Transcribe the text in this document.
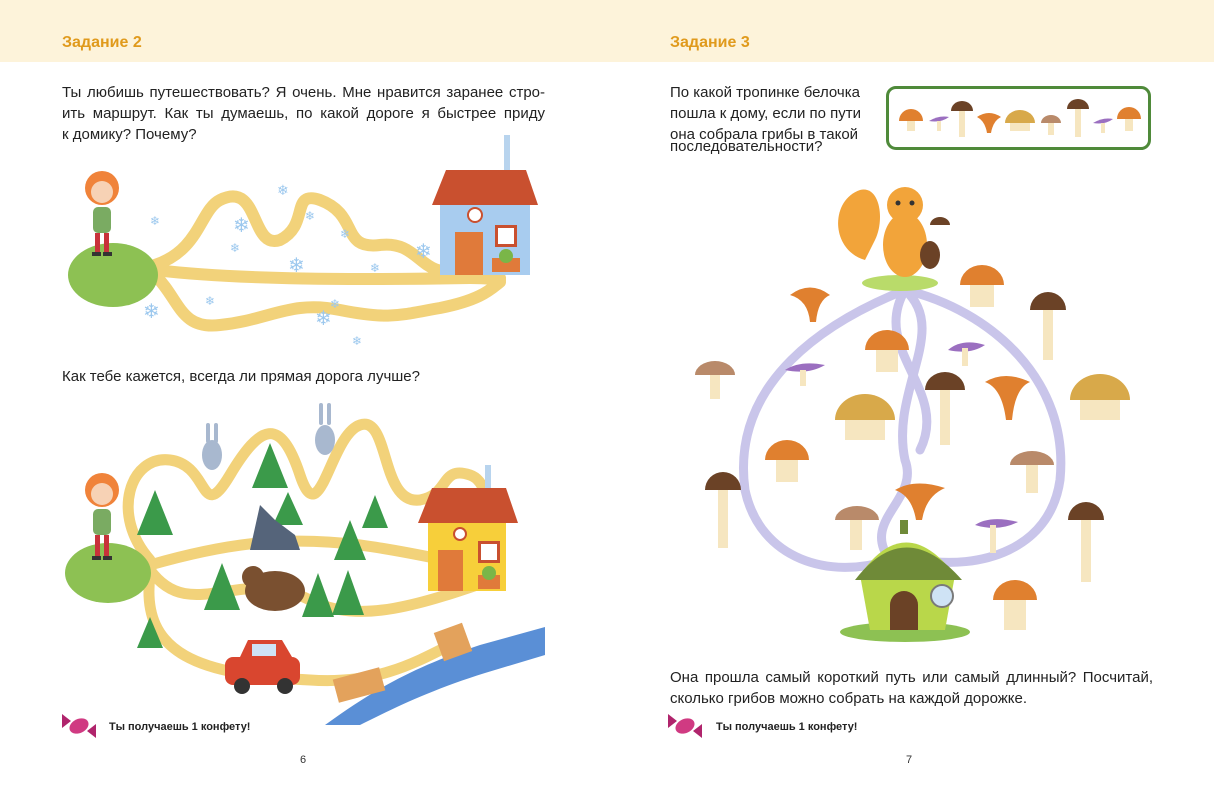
Задание 2
Ты любишь путешествовать? Я очень. Мне нравится заранее стро-
ить маршрут. Как ты думаешь, по какой дороге я быстрее приду
к домику? Почему?
❄
❄	❄	❄
❄
❄	❄
❄
❄
❄	❄
❄
❄
❄
Как тебе кажется, всегда ли прямая дорога лучше?
Ты получаешь 1 конфету!
6
Задание 3
По какой тропинке белочка
пошла к дому, если по пути
она собрала грибы в такой
последовательности?
Она прошла самый короткий путь или самый длинный? Посчитай,
сколько грибов можно собрать на каждой дорожке.
Ты получаешь 1 конфету!
7
